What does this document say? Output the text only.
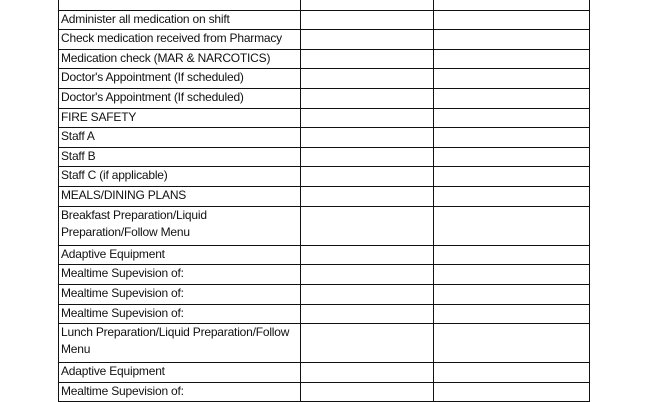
Administer all medication on shift		
Check medication received from Pharmacy		
Medication check (MAR & NARCOTICS)		
Doctor's Appointment (If scheduled)		
Doctor's Appointment (If scheduled)		
FIRE SAFETY		
Staff A		
Staff B		
Staff C (if applicable)		
MEALS/DINING PLANS		
Breakfast Preparation/Liquid Preparation/Follow Menu		
Adaptive Equipment		
Mealtime Supevision of:		
Mealtime Supevision of:		
Mealtime Supevision of:		
Lunch Preparation/Liquid Preparation/Follow Menu		
Adaptive Equipment		
Mealtime Supevision of:		
